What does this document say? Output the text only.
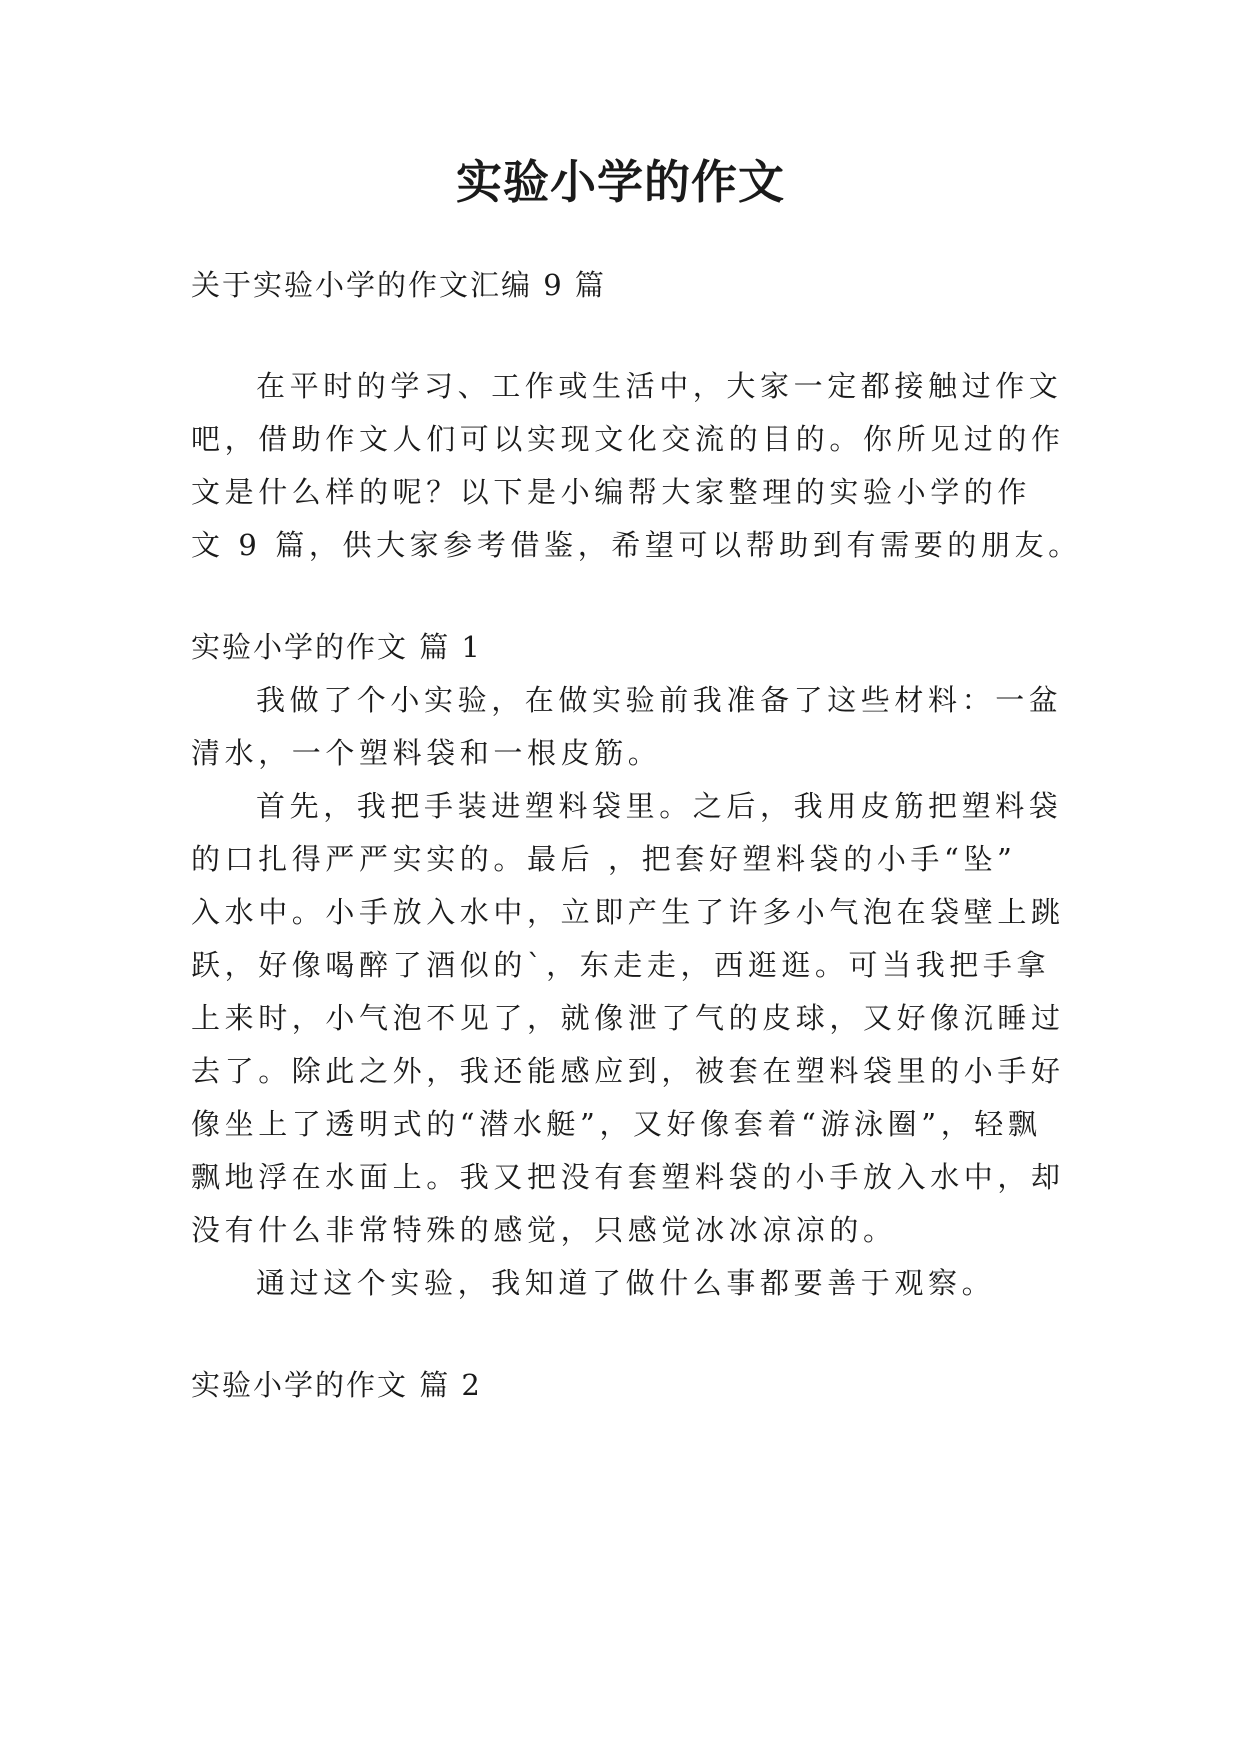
实验小学的作文
关于实验小学的作文汇编 9 篇
在平时的学习、工作或生活中，大家一定都接触过作文
吧，借助作文人们可以实现文化交流的目的。你所见过的作
文是什么样的呢？以下是小编帮大家整理的实验小学的作
文 9 篇，供大家参考借鉴，希望可以帮助到有需要的朋友。
实验小学的作文 篇 1
我做了个小实验，在做实验前我准备了这些材料：一盆
清水，一个塑料袋和一根皮筋。
首先，我把手装进塑料袋里。之后，我用皮筋把塑料袋
的口扎得严严实实的。最后 ，把套好塑料袋的小手“坠”
入水中。小手放入水中，立即产生了许多小气泡在袋壁上跳
跃，好像喝醉了酒似的`，东走走，西逛逛。可当我把手拿
上来时，小气泡不见了，就像泄了气的皮球，又好像沉睡过
去了。除此之外，我还能感应到，被套在塑料袋里的小手好
像坐上了透明式的“潜水艇”，又好像套着“游泳圈”，轻飘
飘地浮在水面上。我又把没有套塑料袋的小手放入水中，却
没有什么非常特殊的感觉，只感觉冰冰凉凉的。
通过这个实验，我知道了做什么事都要善于观察。
实验小学的作文 篇 2
